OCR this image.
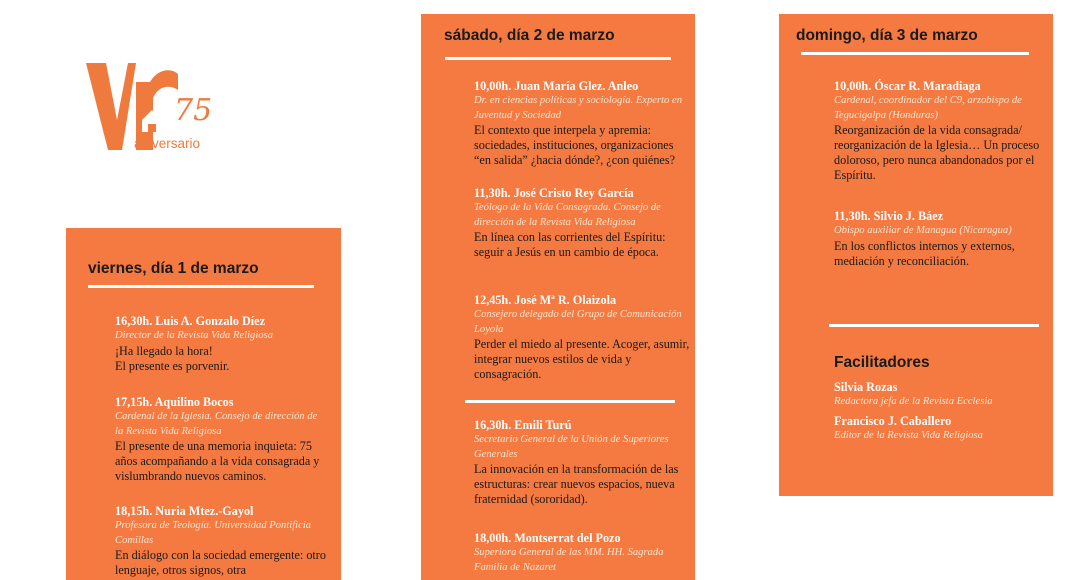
75
aniversario
viernes, día 1 de marzo
16,30h. Luis A. Gonzalo Díez
Director de la Revista Vida Religiosa
¡Ha llegado la hora!
El presente es porvenir.
17,15h. Aquilino Bocos
Cardenal de la Iglesia. Consejo de dirección de la Revista Vida Religiosa
El presente de una memoria inquieta: 75 años acompañando a la vida consagrada y vislumbrando nuevos caminos.
18,15h. Nuria Mtez.-Gayol
Profesora de Teología. Universidad Pontificia Comillas
En diálogo con la sociedad emergente: otro lenguaje, otros signos, otra
sábado, día 2 de marzo
10,00h. Juan María Glez. Anleo
Dr. en ciencias políticas y sociología. Experto en Juventud y Sociedad
El contexto que interpela y apremia: sociedades, instituciones, organizaciones “en salida” ¿hacia dónde?, ¿con quiénes?
11,30h. José Cristo Rey García
Teólogo de la Vida Consagrada. Consejo de dirección de la Revista Vida Religiosa
En línea con las corrientes del Espíritu: seguir a Jesús en un cambio de época.
12,45h. José Mª R. Olaizola
Consejero delegado del Grupo de Comunicación Loyola
Perder el miedo al presente. Acoger, asumir, integrar nuevos estilos de vida y consagración.
16,30h. Emili Turú
Secretario General de la Unión de Superiores Generales
La innovación en la transformación de las estructuras: crear nuevos espacios, nueva fraternidad (sororidad).
18,00h. Montserrat del Pozo
Superiora General de las MM. HH. Sagrada Familia de Nazaret
domingo, día 3 de marzo
10,00h. Óscar R. Maradiaga
Cardenal, coordinador del C9, arzobispo de Tegucigalpa (Honduras)
Reorganización de la vida consagrada/ reorganización de la Iglesia… Un proceso doloroso, pero nunca abandonados por el Espíritu.
11,30h. Silvio J. Báez
Obispo auxiliar de Managua (Nicaragua)
En los conflictos internos y externos, mediación y reconciliación.
Facilitadores
Silvia Rozas
Redactora jefa de la Revista Ecclesia
Francisco J. Caballero
Editor de la Revista Vida Religiosa
